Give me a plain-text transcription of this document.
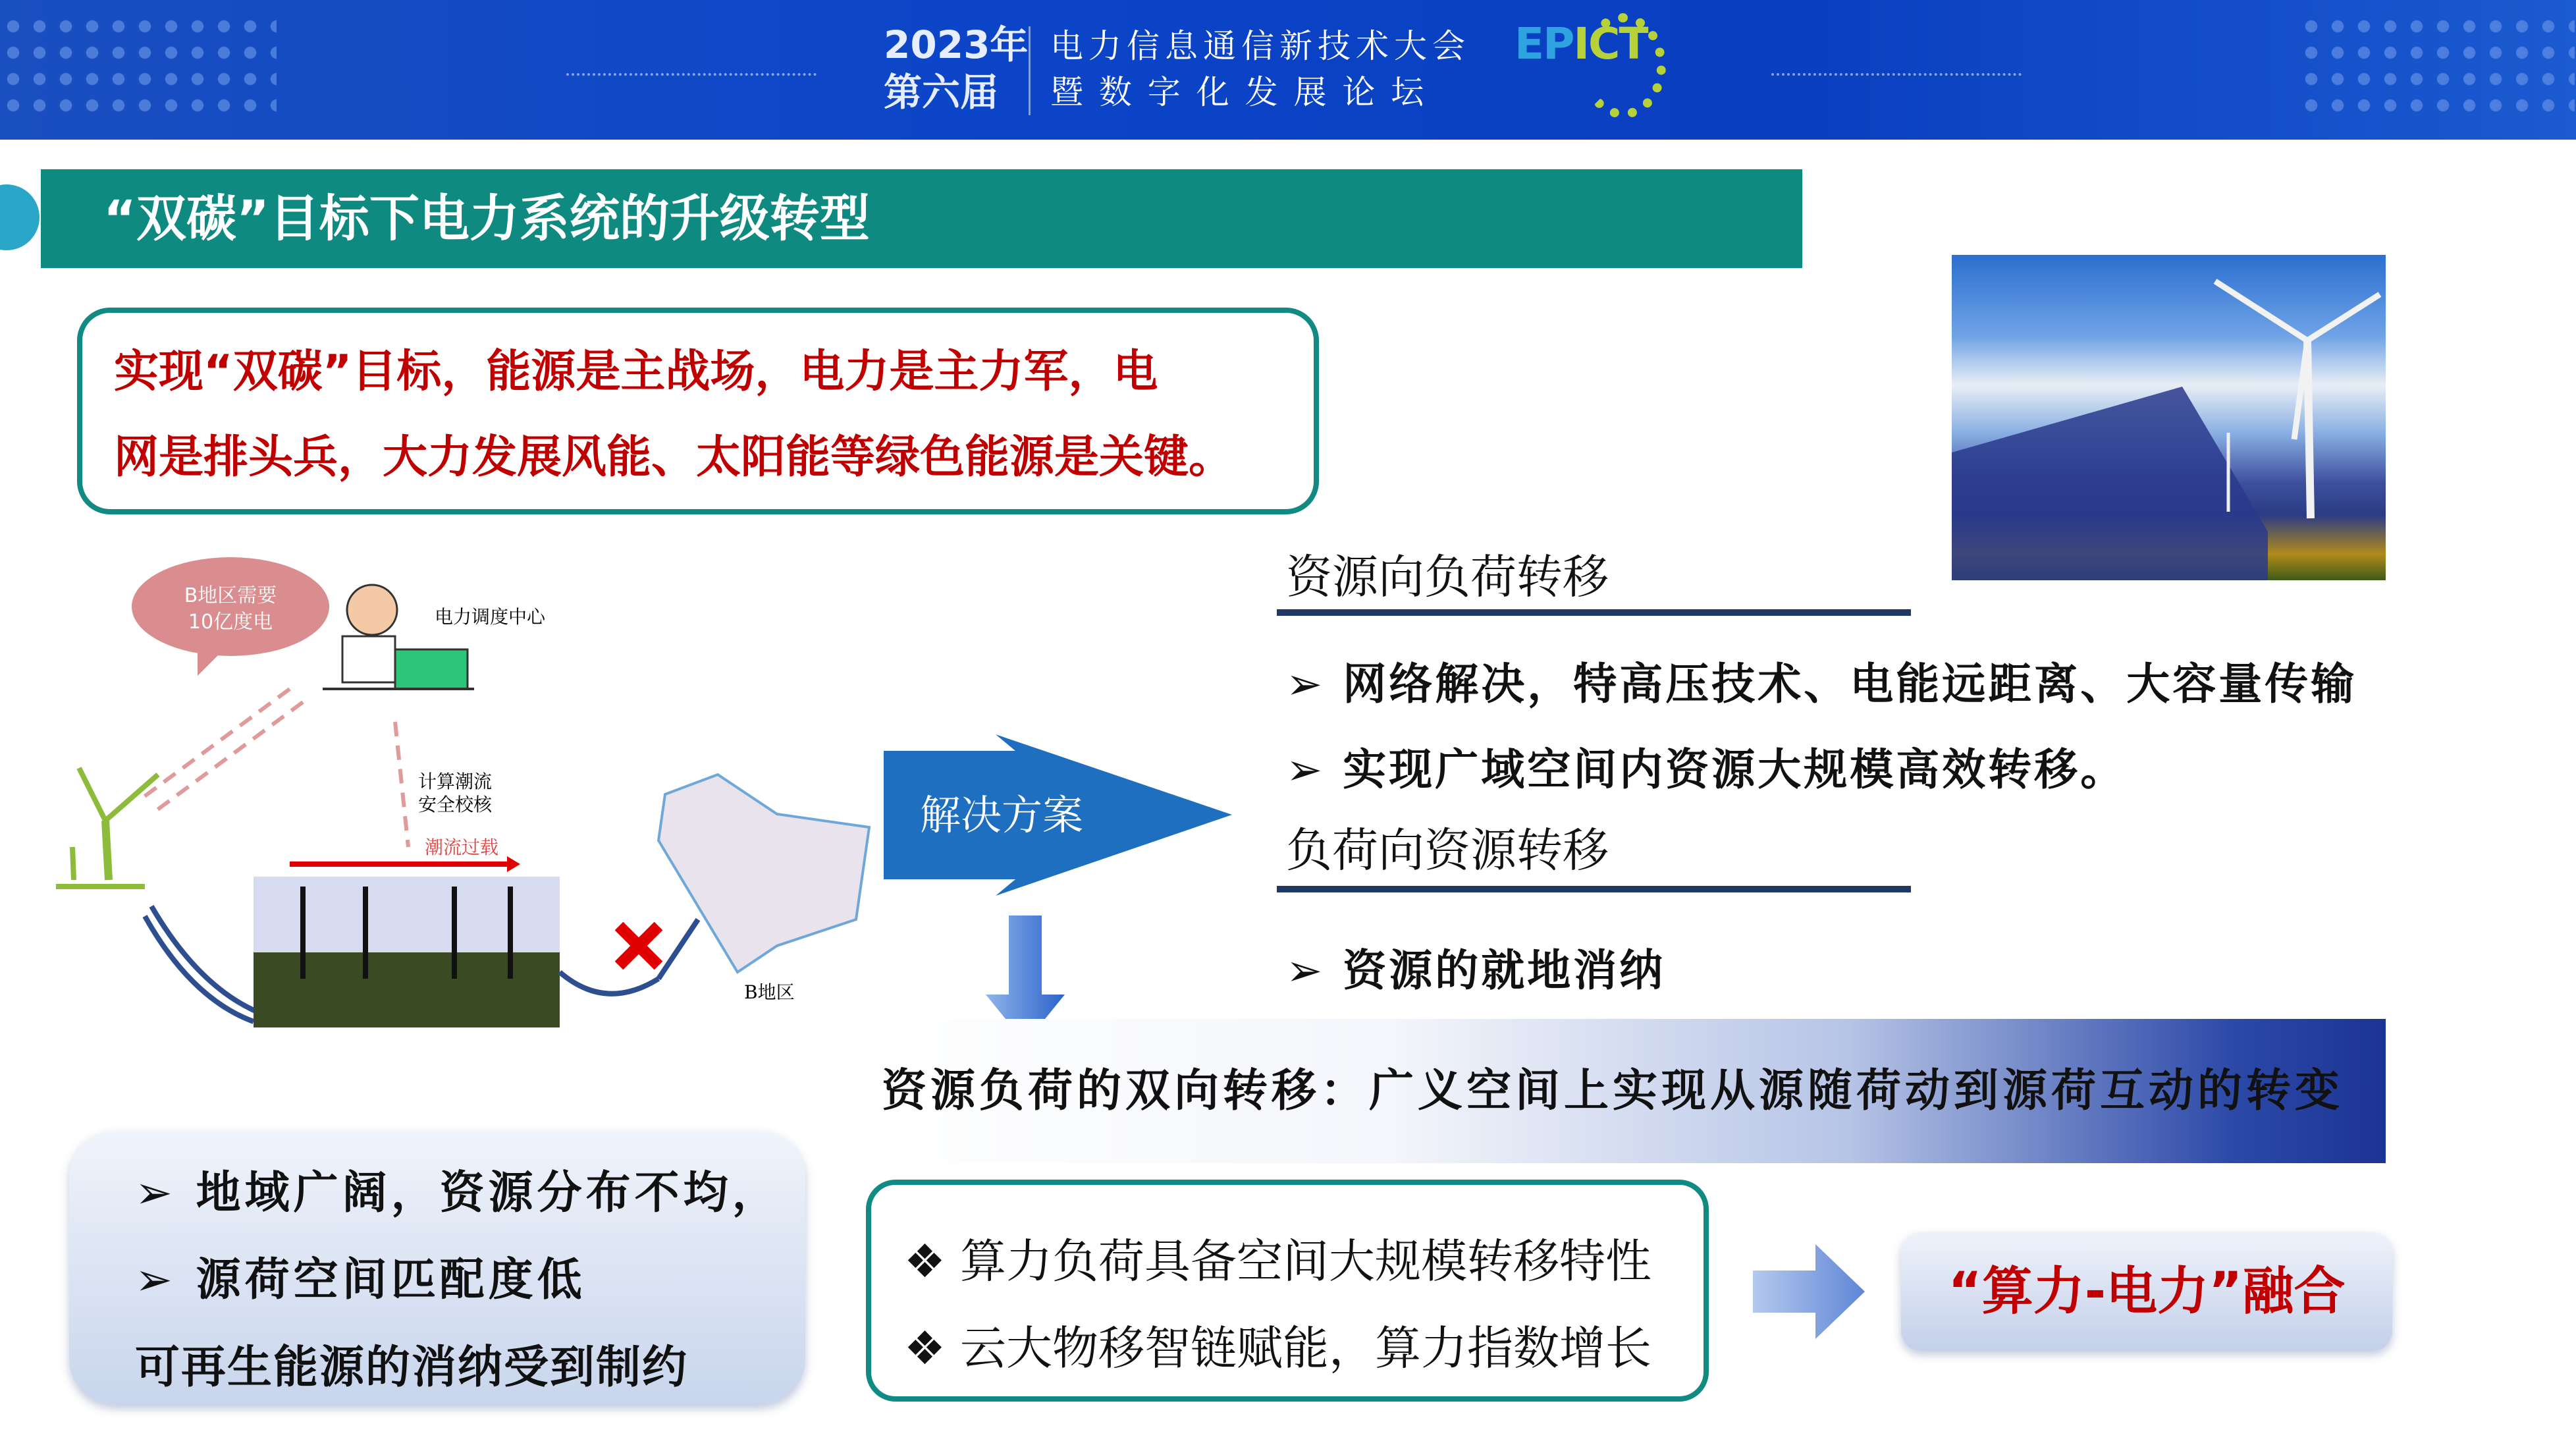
2023年
第六届
电力信息通信新技术大会
暨 数 字 化 发 展 论 坛
EPICT
“双碳”目标下电力系统的升级转型
实现“双碳”目标，能源是主战场，电力是主力军，电
网是排头兵，大力发展风能、太阳能等绿色能源是关键。
B地区需要
10亿度电	电力调度中心
计算潮流
安全校核
潮流过载
B地区
解决方案
资源向负荷转移
➢ 网络解决，特高压技术、电能远距离、大容量传输
➢ 实现广域空间内资源大规模高效转移。
负荷向资源转移
➢ 资源的就地消纳
资源负荷的双向转移：广义空间上实现从源随荷动到源荷互动的转变
➢ 地域广阔，资源分布不均，
➢ 源荷空间匹配度低
可再生能源的消纳受到制约
❖ 算力负荷具备空间大规模转移特性
❖ 云大物移智链赋能，算力指数增长
“算力-电力”融合
